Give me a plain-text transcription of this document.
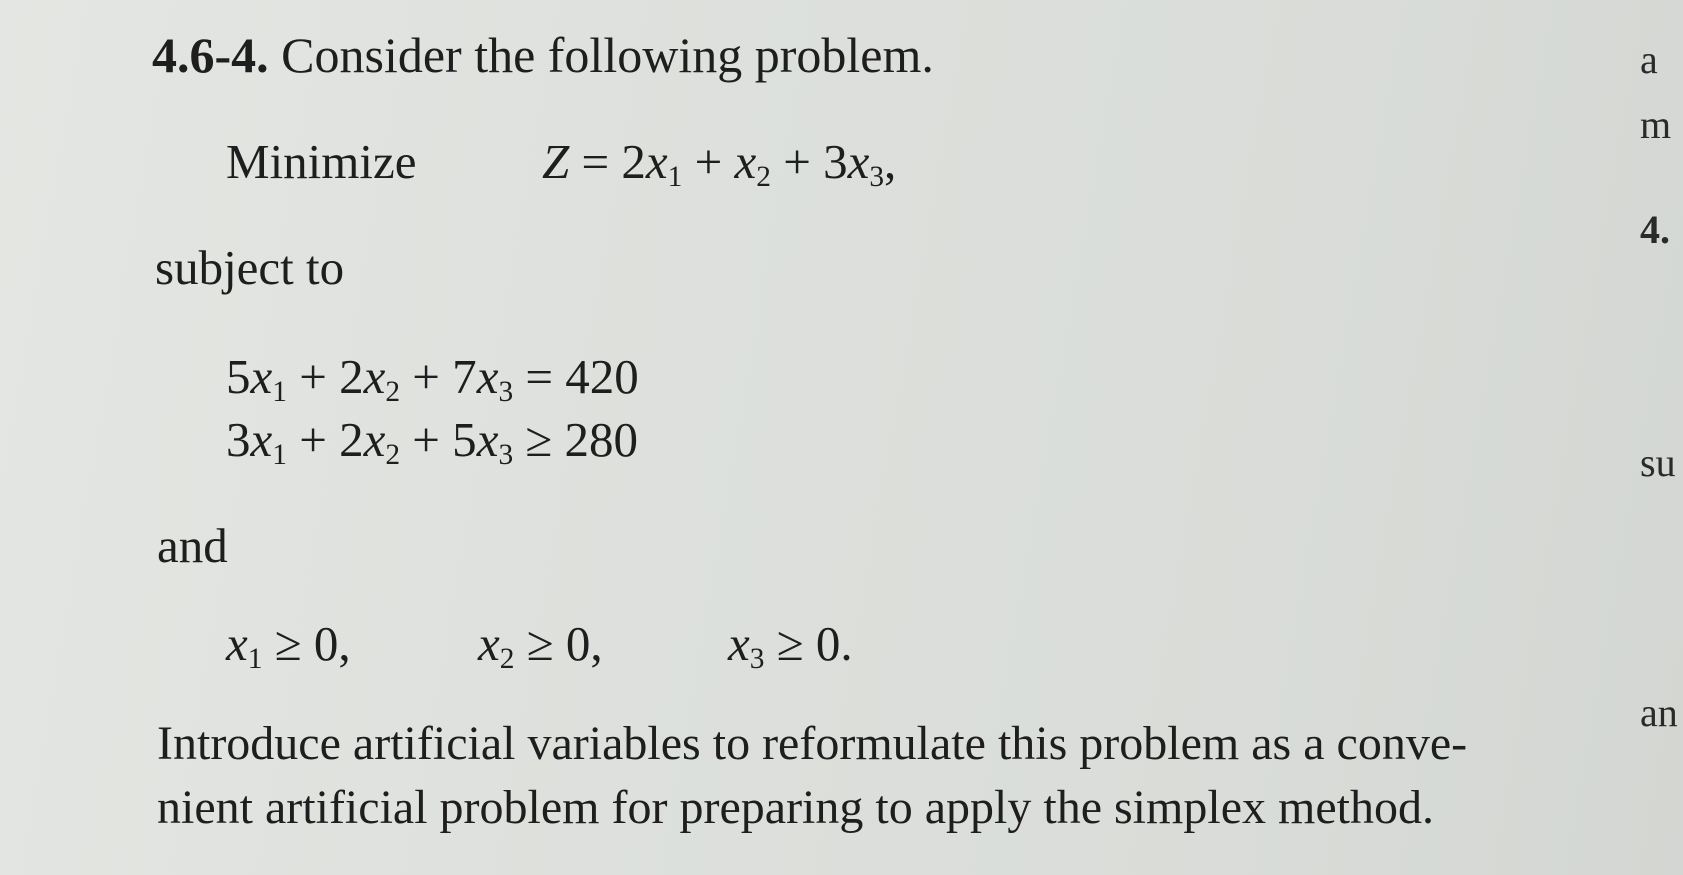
4.6-4. Consider the following problem.
Minimize	$Z = 2x_1 + x_2 + 3x_3$,
subject to
$5x_1 + 2x_2 + 7x_3 = 420$
$3x_1 + 2x_2 + 5x_3 \ge 280$
and
$x_1 \ge 0$,	$x_2 \ge 0$,	$x_3 \ge 0$.
Introduce artificial variables to reformulate this problem as a conve-
nient artificial problem for preparing to apply the simplex method.
a
m
4.
su
an
